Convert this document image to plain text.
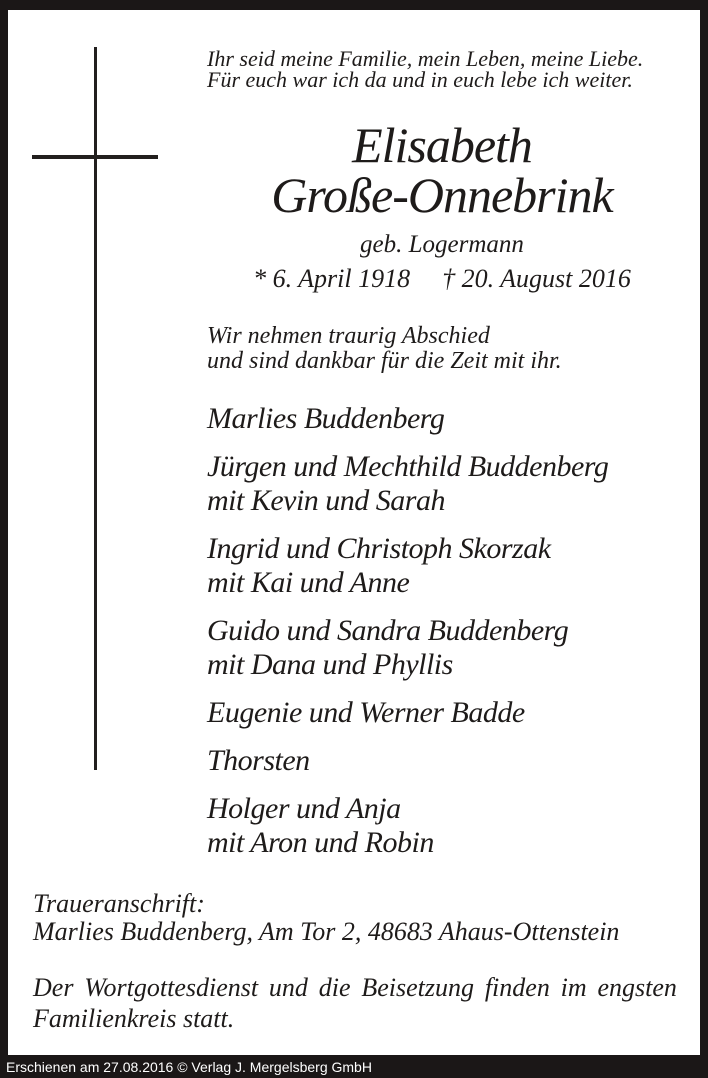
Ihr seid meine Familie, mein Leben, meine Liebe.
Für euch war ich da und in euch lebe ich weiter.
Elisabeth
Große-Onnebrink
geb. Logermann
* 6. April 1918 † 20. August 2016
Wir nehmen traurig Abschied
und sind dankbar für die Zeit mit ihr.
Marlies Buddenberg
Jürgen und Mechthild Buddenberg
mit Kevin und Sarah
Ingrid und Christoph Skorzak
mit Kai und Anne
Guido und Sandra Buddenberg
mit Dana und Phyllis
Eugenie und Werner Badde
Thorsten
Holger und Anja
mit Aron und Robin
Traueranschrift:
Marlies Buddenberg, Am Tor 2, 48683 Ahaus-Ottenstein
Der Wortgottesdienst und die Beisetzung finden im engsten
Familienkreis statt.
Erschienen am 27.08.2016 © Verlag J. Mergelsberg GmbH
